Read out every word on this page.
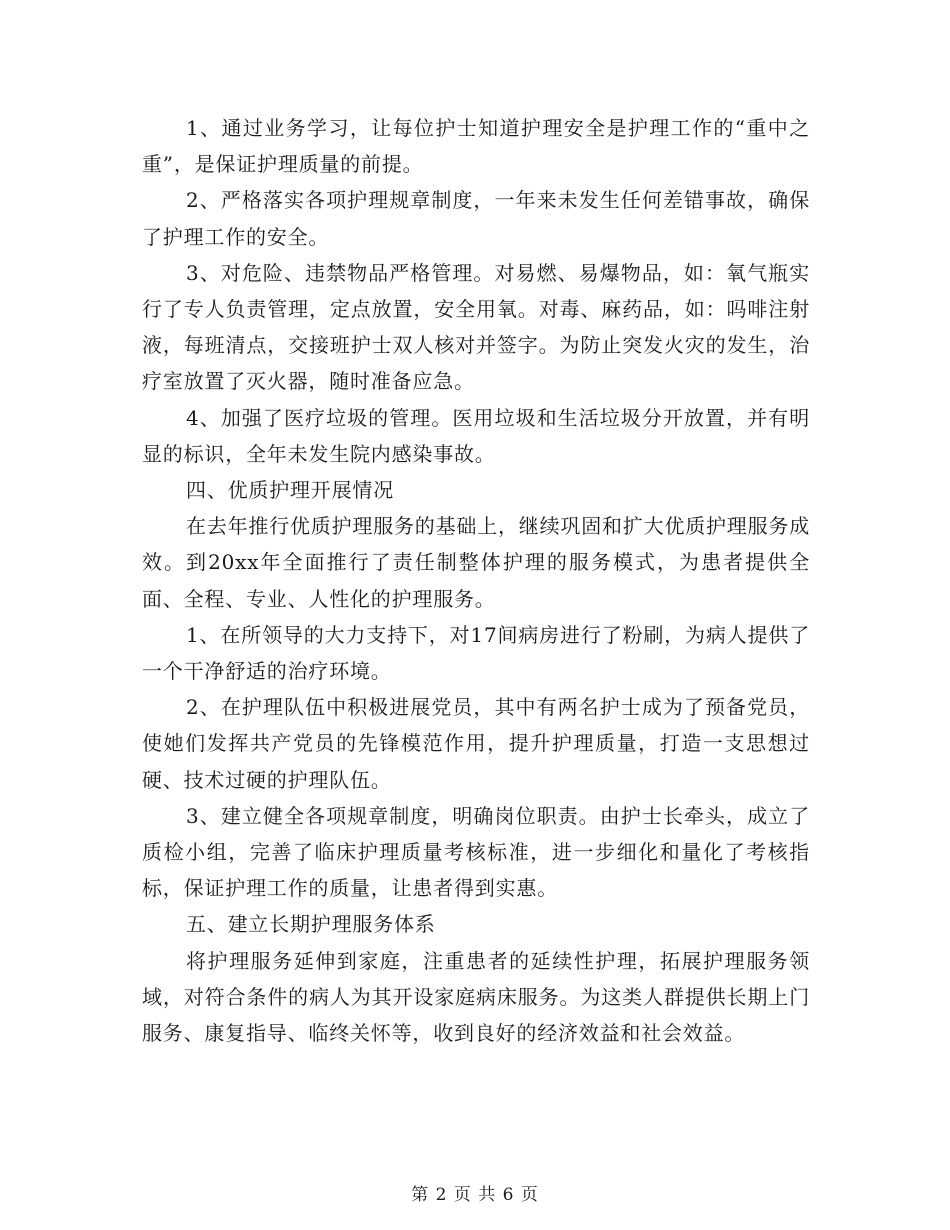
1、通过业务学习，让每位护士知道护理安全是护理工作的“重中之重”，是保证护理质量的前提。

2、严格落实各项护理规章制度，一年来未发生任何差错事故，确保了护理工作的安全。

3、对危险、违禁物品严格管理。对易燃、易爆物品，如：氧气瓶实行了专人负责管理，定点放置，安全用氧。对毒、麻药品，如：吗啡注射液，每班清点，交接班护士双人核对并签字。为防止突发火灾的发生，治疗室放置了灭火器，随时准备应急。

4、加强了医疗垃圾的管理。医用垃圾和生活垃圾分开放置，并有明显的标识，全年未发生院内感染事故。

四、优质护理开展情况

在去年推行优质护理服务的基础上，继续巩固和扩大优质护理服务成效。到20xx年全面推行了责任制整体护理的服务模式，为患者提供全面、全程、专业、人性化的护理服务。

1、在所领导的大力支持下，对17间病房进行了粉刷，为病人提供了一个干净舒适的治疗环境。

2、在护理队伍中积极进展党员，其中有两名护士成为了预备党员，使她们发挥共产党员的先锋模范作用，提升护理质量，打造一支思想过硬、技术过硬的护理队伍。

3、建立健全各项规章制度，明确岗位职责。由护士长牵头，成立了质检小组，完善了临床护理质量考核标准，进一步细化和量化了考核指标，保证护理工作的质量，让患者得到实惠。

五、建立长期护理服务体系

将护理服务延伸到家庭，注重患者的延续性护理，拓展护理服务领域，对符合条件的病人为其开设家庭病床服务。为这类人群提供长期上门服务、康复指导、临终关怀等，收到良好的经济效益和社会效益。

第 2 页 共 6 页
